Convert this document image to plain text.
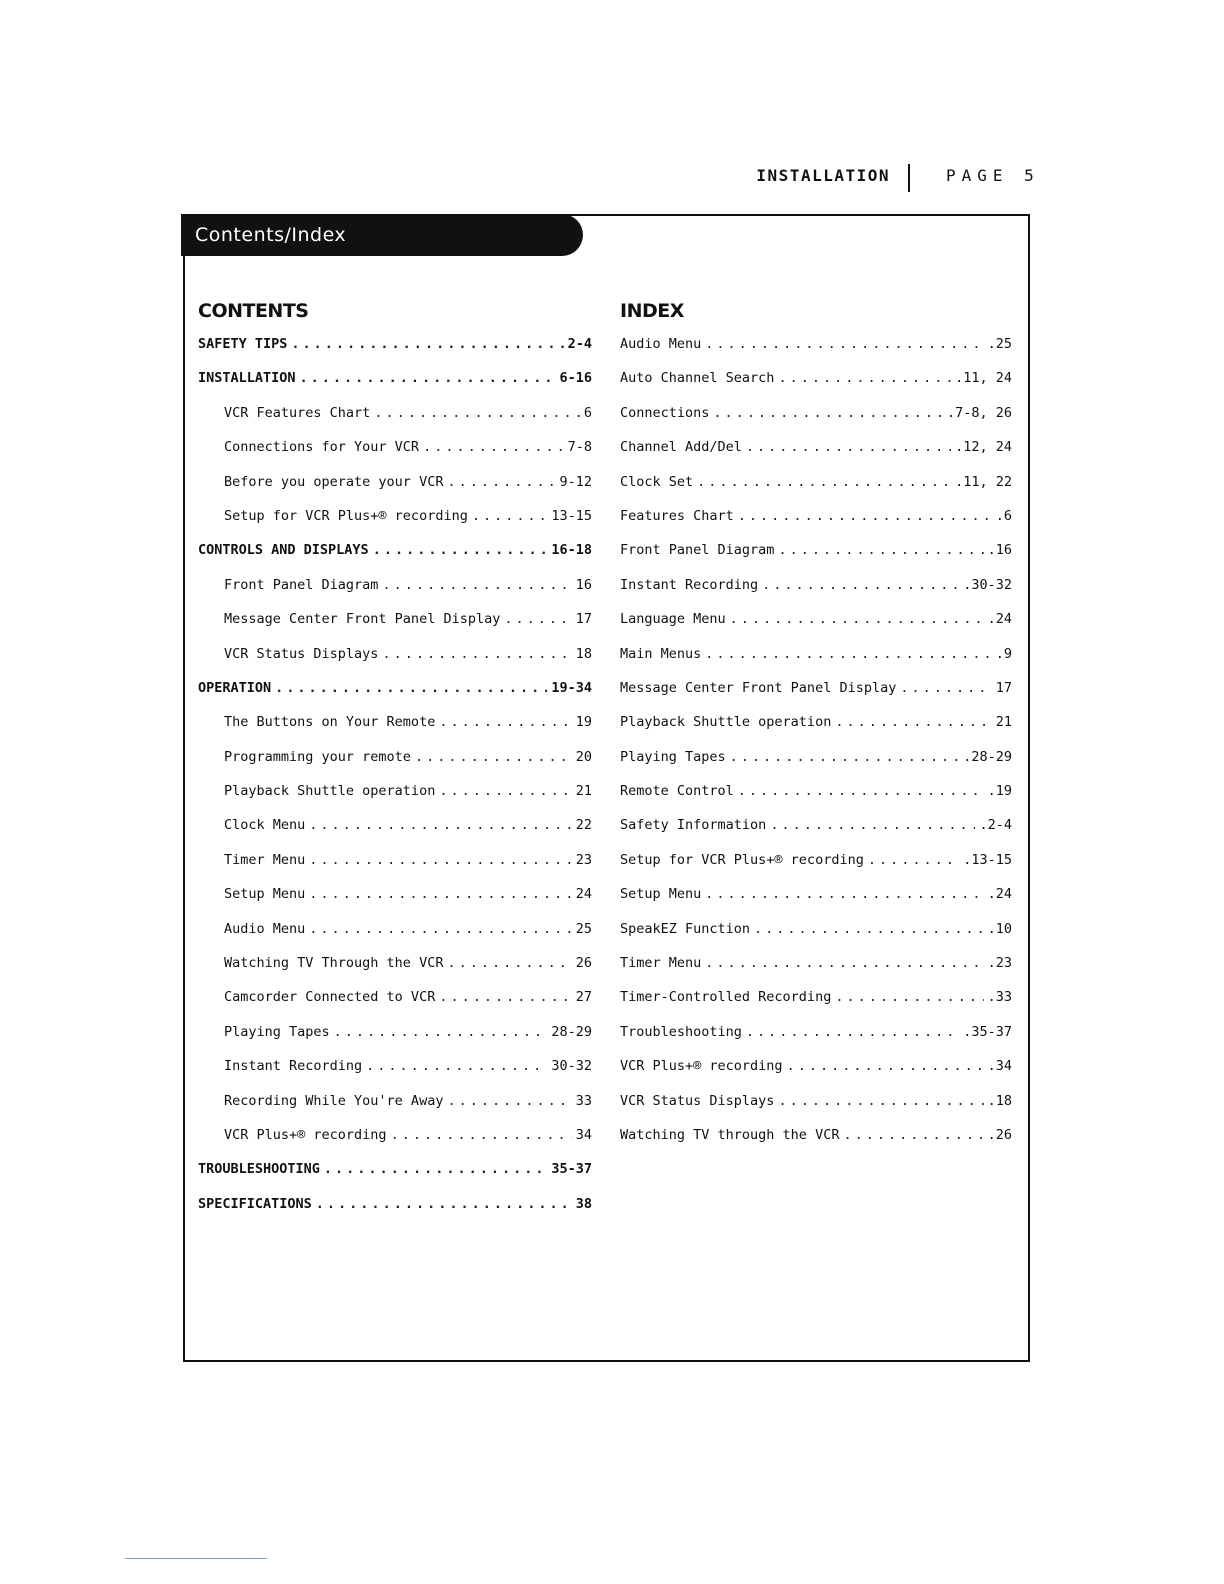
INSTALLATION	PAGE 5
Contents/Index
CONTENTS
SAFETY TIPS .....	2-4
INSTALLATION .....	6-16
VCR Features Chart .....	6
Connections for Your VCR .....	7-8
Before you operate your VCR .....	9-12
Setup for VCR Plus+® recording .....	13-15
CONTROLS AND DISPLAYS .....	16-18
Front Panel Diagram .....	16
Message Center Front Panel Display .....	17
VCR Status Displays .....	18
OPERATION .....	19-34
The Buttons on Your Remote .....	19
Programming your remote .....	20
Playback Shuttle operation .....	21
Clock Menu .....	22
Timer Menu .....	23
Setup Menu .....	24
Audio Menu .....	25
Watching TV Through the VCR .....	26
Camcorder Connected to VCR .....	27
Playing Tapes .....	28-29
Instant Recording .....	30-32
Recording While You're Away .....	33
VCR Plus+® recording .....	34
TROUBLESHOOTING .....	35-37
SPECIFICATIONS .....	38
INDEX
Audio Menu .....	.25
Auto Channel Search .....	.11, 24
Connections .....	.7-8, 26
Channel Add/Del .....	.12, 24
Clock Set .....	.11, 22
Features Chart .....	.6
Front Panel Diagram .....	.16
Instant Recording .....	.30-32
Language Menu .....	.24
Main Menus .....	.9
Message Center Front Panel Display .....	17
Playback Shuttle operation .....	21
Playing Tapes .....	.28-29
Remote Control .....	.19
Safety Information .....	.2-4
Setup for VCR Plus+® recording .....	.13-15
Setup Menu .....	.24
SpeakEZ Function .....	.10
Timer Menu .....	.23
Timer-Controlled Recording .....	.33
Troubleshooting .....	.35-37
VCR Plus+® recording .....	.34
VCR Status Displays .....	.18
Watching TV through the VCR .....	.26
